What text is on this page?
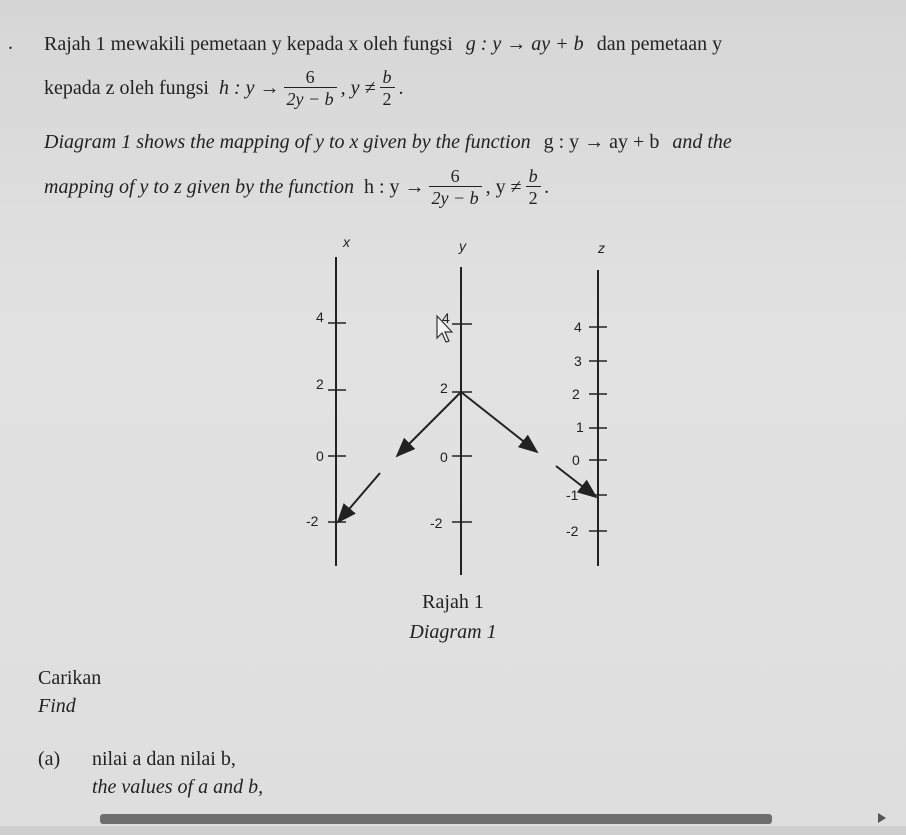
. Rajah 1 mewakili pemetaan y kepada x oleh fungsi g : y → ay + b dan pemetaan y
kepada z oleh fungsi h : $y \to \frac{6}{2y - b}$ , $y \ne \frac{b}{2}$ .
Diagram 1 shows the mapping of y to x given by the function g : y → ay + b and the
mapping of y to z given by the function h : $y \to \frac{6}{2y - b}$ , $y \ne \frac{b}{2}$ .
x	y	z
4
2
0
-2
4
2
0
-2
4
3
2
1
0
-1
-2
Rajah 1
Diagram 1
Carikan
Find
(a) nilai a dan nilai b,
the values of a and b,
